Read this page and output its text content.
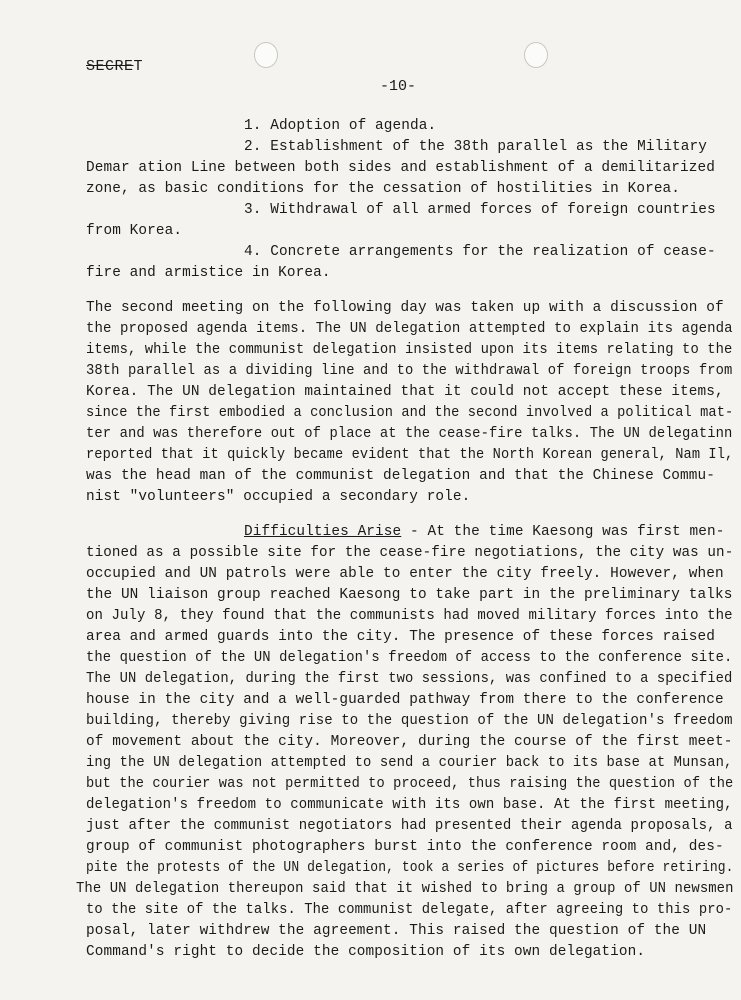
SECRET
-10-
1. Adoption of agenda.
2. Establishment of the 38th parallel as the Military
Demar ation Line between both sides and establishment of a demilitarized
zone, as basic conditions for the cessation of hostilities in Korea.
3. Withdrawal of all armed forces of foreign countries
from Korea.
4. Concrete arrangements for the realization of cease-
fire and armistice in Korea.
The second meeting on the following day was taken up with a discussion of
the proposed agenda items. The UN delegation attempted to explain its agenda
items, while the communist delegation insisted upon its items relating to the
38th parallel as a dividing line and to the withdrawal of foreign troops from
Korea. The UN delegation maintained that it could not accept these items,
since the first embodied a conclusion and the second involved a political mat-
ter and was therefore out of place at the cease-fire talks. The UN delegatinn
reported that it quickly became evident that the North Korean general, Nam Il,
was the head man of the communist delegation and that the Chinese Commu-
nist "volunteers" occupied a secondary role.
Difficulties Arise - At the time Kaesong was first men-
tioned as a possible site for the cease-fire negotiations, the city was un-
occupied and UN patrols were able to enter the city freely. However, when
the UN liaison group reached Kaesong to take part in the preliminary talks
on July 8, they found that the communists had moved military forces into the
area and armed guards into the city. The presence of these forces raised
the question of the UN delegation's freedom of access to the conference site.
The UN delegation, during the first two sessions, was confined to a specified
house in the city and a well-guarded pathway from there to the conference
building, thereby giving rise to the question of the UN delegation's freedom
of movement about the city. Moreover, during the course of the first meet-
ing the UN delegation attempted to send a courier back to its base at Munsan,
but the courier was not permitted to proceed, thus raising the question of the
delegation's freedom to communicate with its own base. At the first meeting,
just after the communist negotiators had presented their agenda proposals, a
group of communist photographers burst into the conference room and, des-
pite the protests of the UN delegation, took a series of pictures before retiring.
The UN delegation thereupon said that it wished to bring a group of UN newsmen
to the site of the talks. The communist delegate, after agreeing to this pro-
posal, later withdrew the agreement. This raised the question of the UN
Command's right to decide the composition of its own delegation.
